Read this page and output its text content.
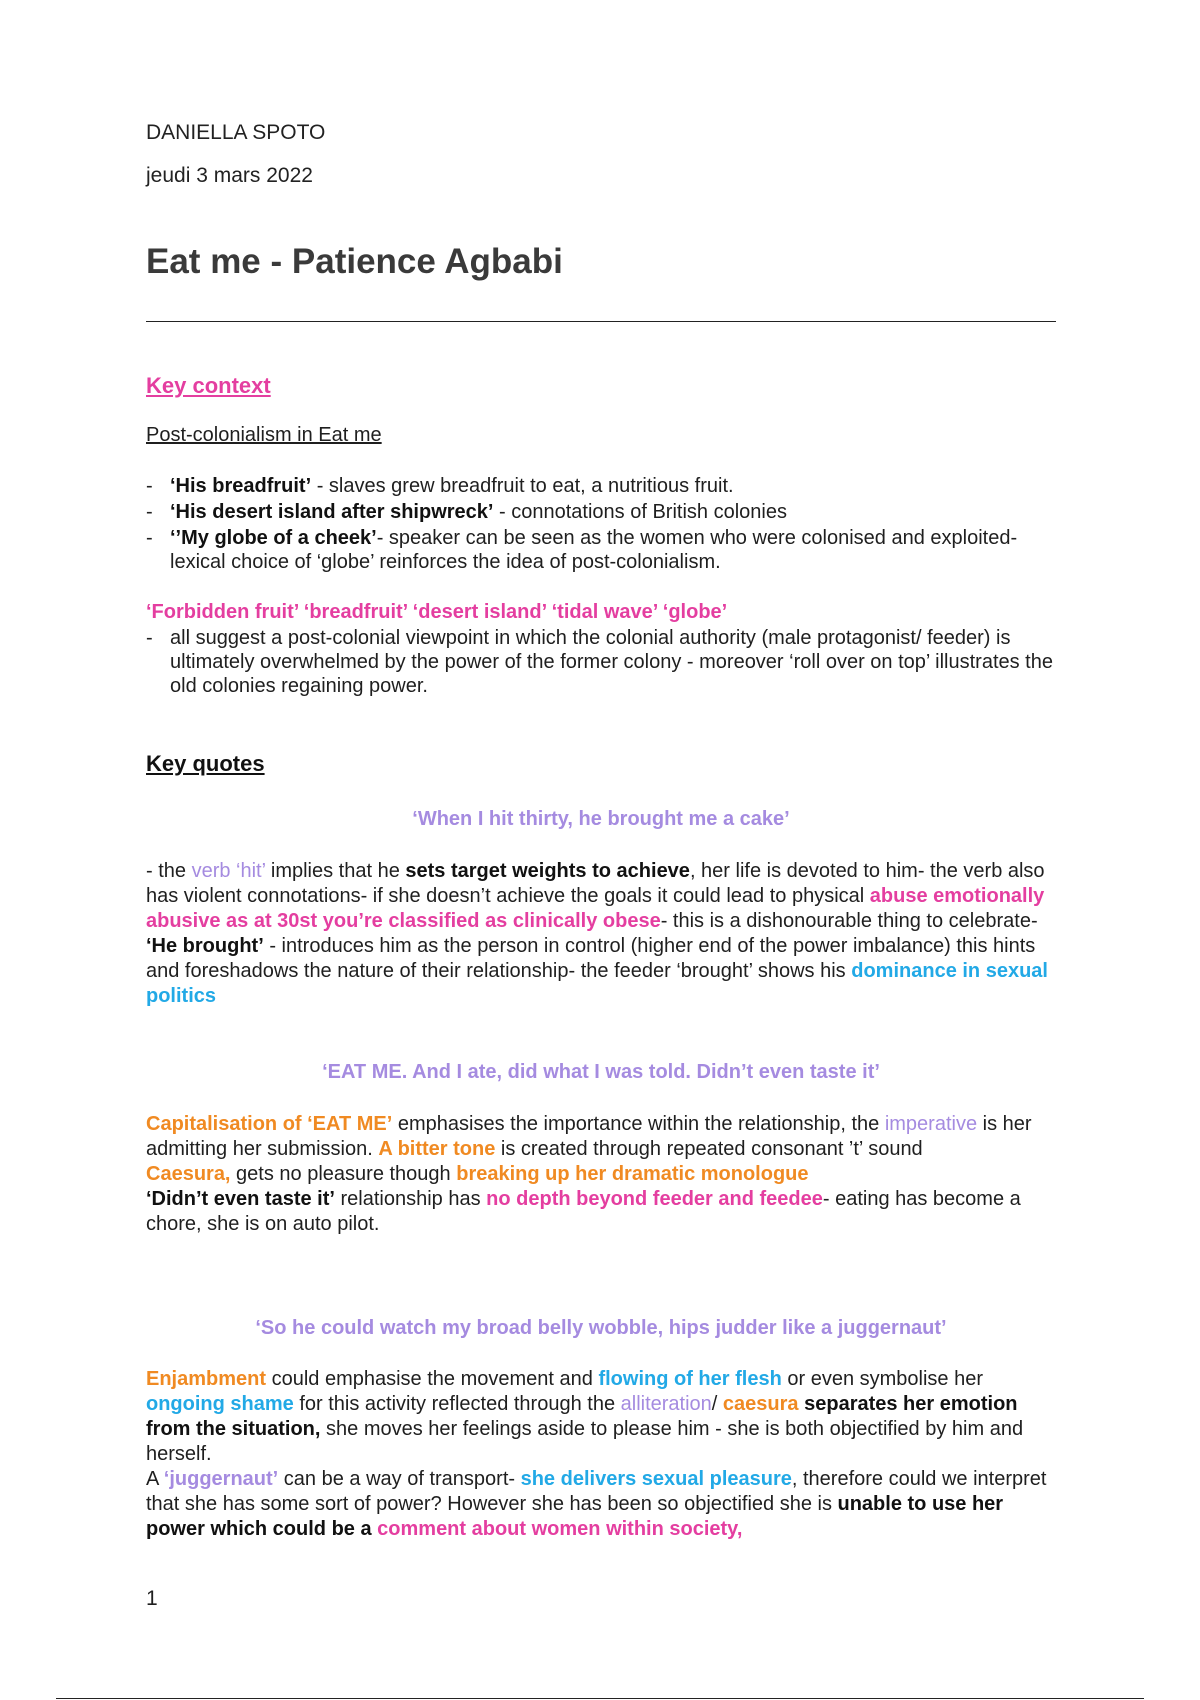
DANIELLA SPOTO
jeudi 3 mars 2022
Eat me - Patience Agbabi
Key context
Post-colonialism in Eat me
- ‘His breadfruit’ - slaves grew breadfruit to eat, a nutritious fruit.
- ‘His desert island after shipwreck’ - connotations of British colonies
- ‘’My globe of a cheek’- speaker can be seen as the women who were colonised and exploited- lexical choice of ‘globe’ reinforces the idea of post-colonialism.
‘Forbidden fruit’ ‘breadfruit’ ‘desert island’ ‘tidal wave’ ‘globe’
- all suggest a post-colonial viewpoint in which the colonial authority (male protagonist/ feeder) is ultimately overwhelmed by the power of the former colony - moreover ‘roll over on top’ illustrates the old colonies regaining power.
Key quotes
‘When I hit thirty, he brought me a cake’
- the verb ‘hit’ implies that he sets target weights to achieve, her life is devoted to him- the verb also has violent connotations- if she doesn’t achieve the goals it could lead to physical abuse emotionally abusive as at 30st you’re classified as clinically obese- this is a dishonourable thing to celebrate-
‘He brought’ - introduces him as the person in control (higher end of the power imbalance) this hints and foreshadows the nature of their relationship- the feeder ‘brought’ shows his dominance in sexual politics
‘EAT ME. And I ate, did what I was told. Didn’t even taste it’
Capitalisation of ‘EAT ME’ emphasises the importance within the relationship, the imperative is her admitting her submission. A bitter tone is created through repeated consonant ’t’ sound
Caesura, gets no pleasure though breaking up her dramatic monologue
‘Didn’t even taste it’ relationship has no depth beyond feeder and feedee- eating has become a chore, she is on auto pilot.
‘So he could watch my broad belly wobble, hips judder like a juggernaut’
Enjambment could emphasise the movement and flowing of her flesh or even symbolise her ongoing shame for this activity reflected through the alliteration/ caesura separates her emotion from the situation, she moves her feelings aside to please him - she is both objectified by him and herself.
A ‘juggernaut’ can be a way of transport- she delivers sexual pleasure, therefore could we interpret that she has some sort of power? However she has been so objectified she is unable to use her power which could be a comment about women within society,
1
